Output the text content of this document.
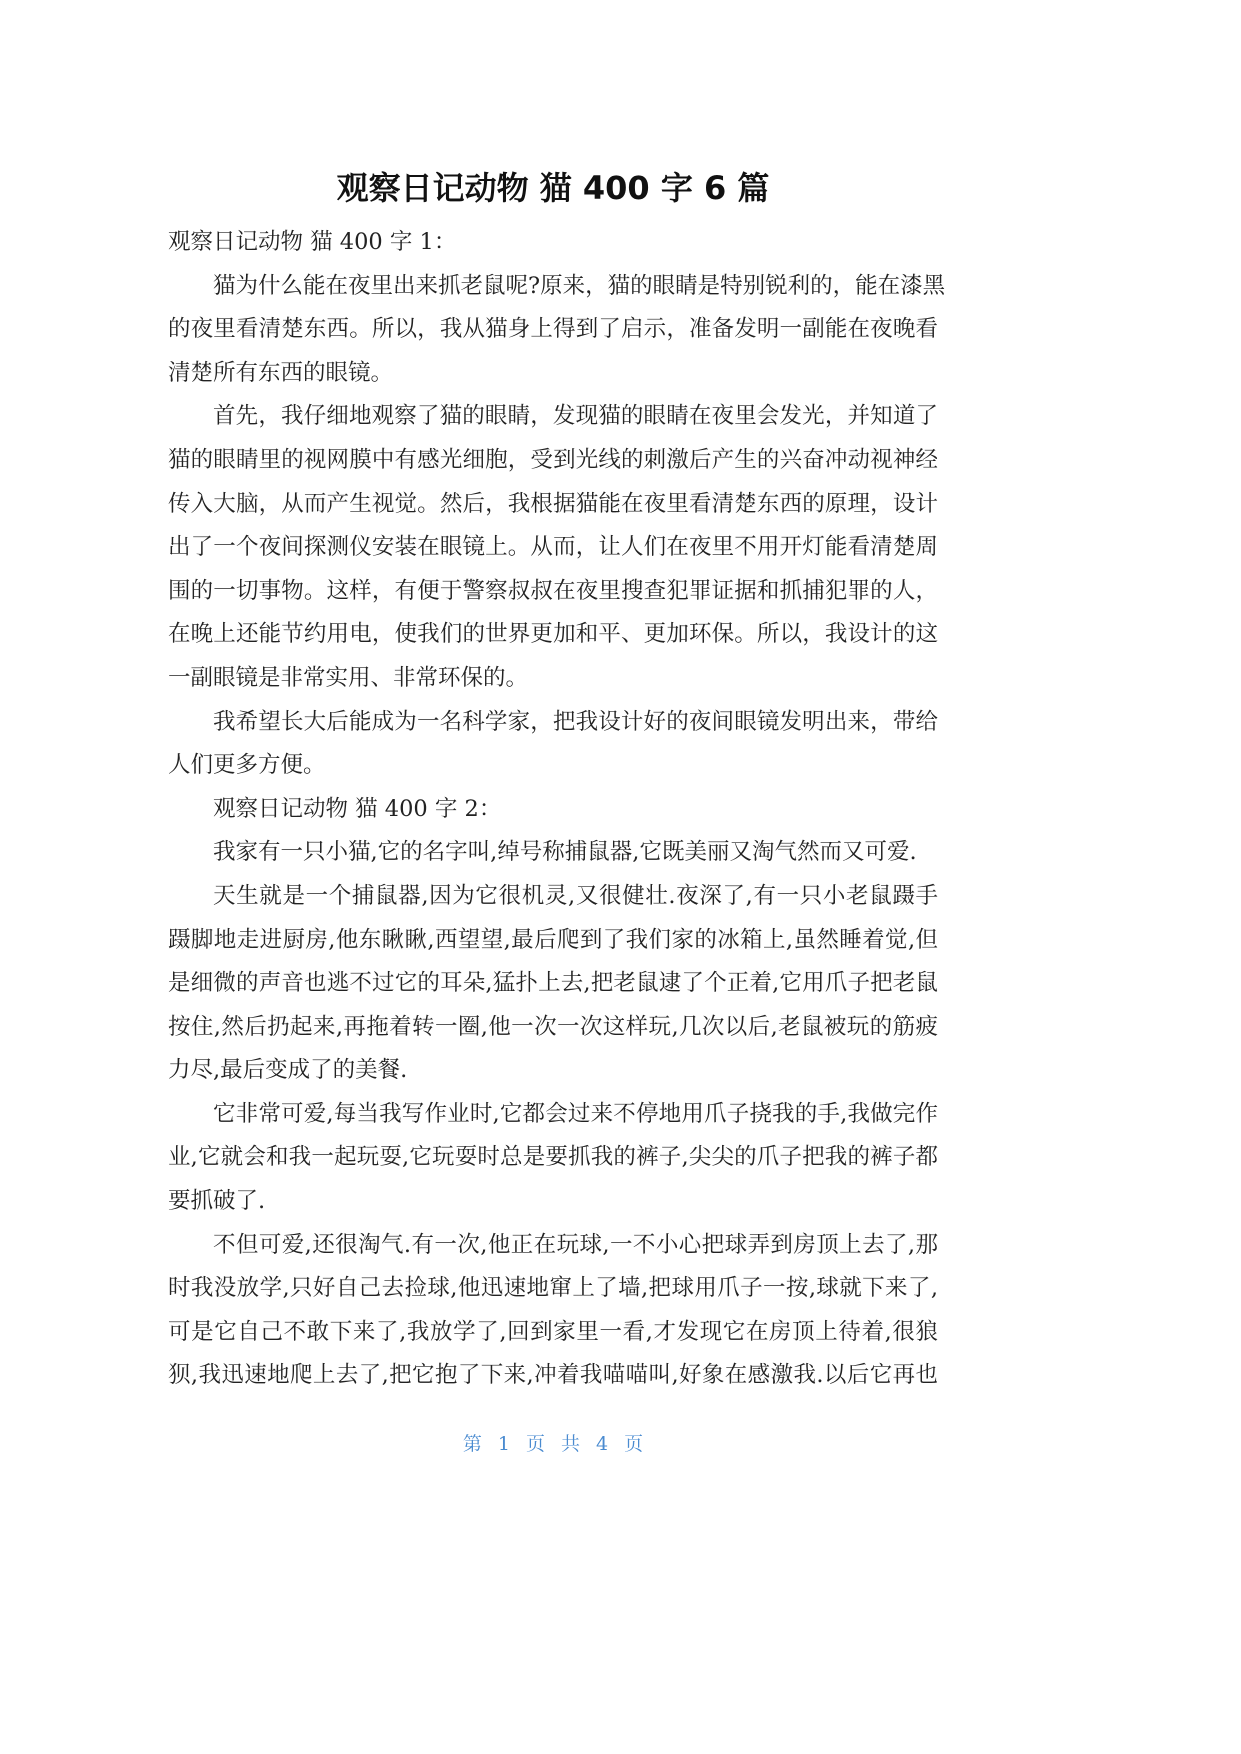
观察日记动物 猫 400 字 6 篇
观察日记动物 猫 400 字 1：
猫为什么能在夜里出来抓老鼠呢?原来，猫的眼睛是特别锐利的，能在漆黑
的夜里看清楚东西。所以，我从猫身上得到了启示，准备发明一副能在夜晚看
清楚所有东西的眼镜。
首先，我仔细地观察了猫的眼睛，发现猫的眼睛在夜里会发光，并知道了
猫的眼睛里的视网膜中有感光细胞，受到光线的刺激后产生的兴奋冲动视神经
传入大脑，从而产生视觉。然后，我根据猫能在夜里看清楚东西的原理，设计
出了一个夜间探测仪安装在眼镜上。从而，让人们在夜里不用开灯能看清楚周
围的一切事物。这样，有便于警察叔叔在夜里搜查犯罪证据和抓捕犯罪的人，
在晚上还能节约用电，使我们的世界更加和平、更加环保。所以，我设计的这
一副眼镜是非常实用、非常环保的。
我希望长大后能成为一名科学家，把我设计好的夜间眼镜发明出来，带给
人们更多方便。
观察日记动物 猫 400 字 2：
我家有一只小猫,它的名字叫,绰号称捕鼠器,它既美丽又淘气然而又可爱.
天生就是一个捕鼠器,因为它很机灵,又很健壮.夜深了,有一只小老鼠蹑手
蹑脚地走进厨房,他东瞅瞅,西望望,最后爬到了我们家的冰箱上,虽然睡着觉,但
是细微的声音也逃不过它的耳朵,猛扑上去,把老鼠逮了个正着,它用爪子把老鼠
按住,然后扔起来,再拖着转一圈,他一次一次这样玩,几次以后,老鼠被玩的筋疲
力尽,最后变成了的美餐.
它非常可爱,每当我写作业时,它都会过来不停地用爪子挠我的手,我做完作
业,它就会和我一起玩耍,它玩耍时总是要抓我的裤子,尖尖的爪子把我的裤子都
要抓破了.
不但可爱,还很淘气.有一次,他正在玩球,一不小心把球弄到房顶上去了,那
时我没放学,只好自己去捡球,他迅速地窜上了墙,把球用爪子一按,球就下来了,
可是它自己不敢下来了,我放学了,回到家里一看,才发现它在房顶上待着,很狼
狈,我迅速地爬上去了,把它抱了下来,冲着我喵喵叫,好象在感激我.以后它再也
第 1 页 共 4 页
